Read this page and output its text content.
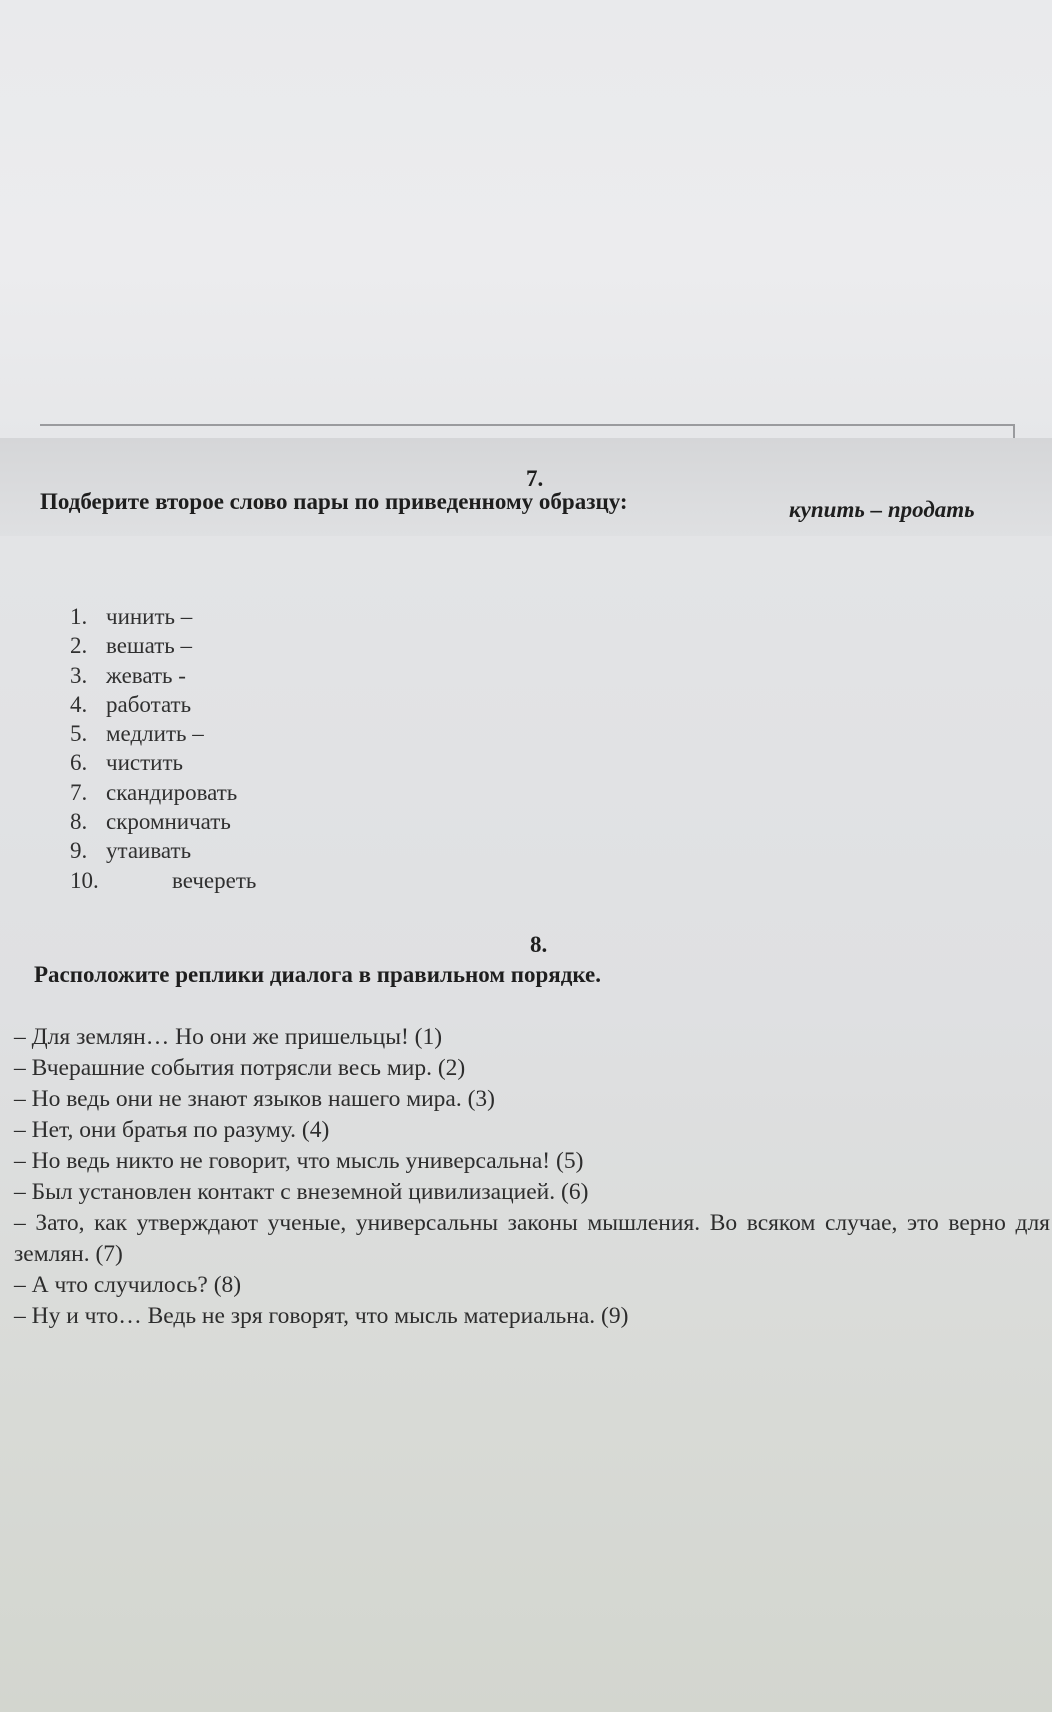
7.
Подберите второе слово пары по приведенному образцу:	купить – продать
1. чинить –
2. вешать –
3. жевать -
4. работать
5. медлить –
6. чистить
7. скандировать
8. скромничать
9. утаивать
10.	вечереть
8.
Расположите реплики диалога в правильном порядке.
– Для землян… Но они же пришельцы! (1)
– Вчерашние события потрясли весь мир. (2)
– Но ведь они не знают языков нашего мира. (3)
– Нет, они братья по разуму. (4)
– Но ведь никто не говорит, что мысль универсальна! (5)
– Был установлен контакт с внеземной цивилизацией. (6)
– Зато, как утверждают ученые, универсальны законы мышления. Во всяком случае, это верно для землян. (7)
– А что случилось? (8)
– Ну и что… Ведь не зря говорят, что мысль материальна. (9)
